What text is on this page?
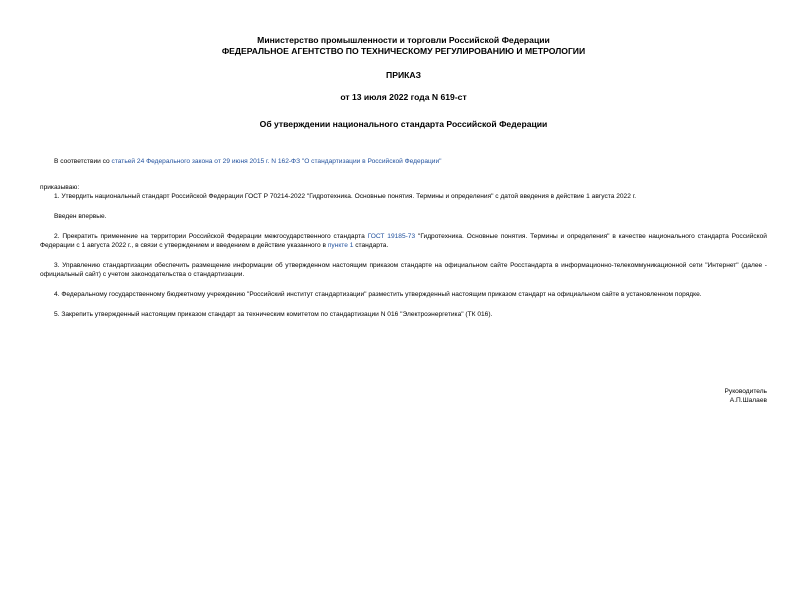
Министерство промышленности и торговли Российской Федерации
ФЕДЕРАЛЬНОЕ АГЕНТСТВО ПО ТЕХНИЧЕСКОМУ РЕГУЛИРОВАНИЮ И МЕТРОЛОГИИ
ПРИКАЗ
от 13 июля 2022 года N 619-ст
Об утверждении национального стандарта Российской Федерации

В соответствии со статьей 24 Федерального закона от 29 июня 2015 г. N 162-ФЗ "О стандартизации в Российской Федерации"

приказываю:

1. Утвердить национальный стандарт Российской Федерации ГОСТ Р 70214-2022 "Гидротехника. Основные понятия. Термины и определения" с датой введения в действие 1 августа 2022 г.

Введен впервые.

2. Прекратить применение на территории Российской Федерации межгосударственного стандарта ГОСТ 19185-73 "Гидротехника. Основные понятия. Термины и определения" в качестве национального стандарта Российской Федерации с 1 августа 2022 г., в связи с утверждением и введением в действие указанного в пункте 1 стандарта.

3. Управлению стандартизации обеспечить размещение информации об утвержденном настоящим приказом стандарте на официальном сайте Росстандарта в информационно-телекоммуникационной сети "Интернет" (далее - официальный сайт) с учетом законодательства о стандартизации.

4. Федеральному государственному бюджетному учреждению "Российский институт стандартизации" разместить утвержденный настоящим приказом стандарт на официальном сайте в установленном порядке.

5. Закрепить утвержденный настоящим приказом стандарт за техническим комитетом по стандартизации N 016 "Электроэнергетика" (ТК 016).

Руководитель
А.П.Шалаев
